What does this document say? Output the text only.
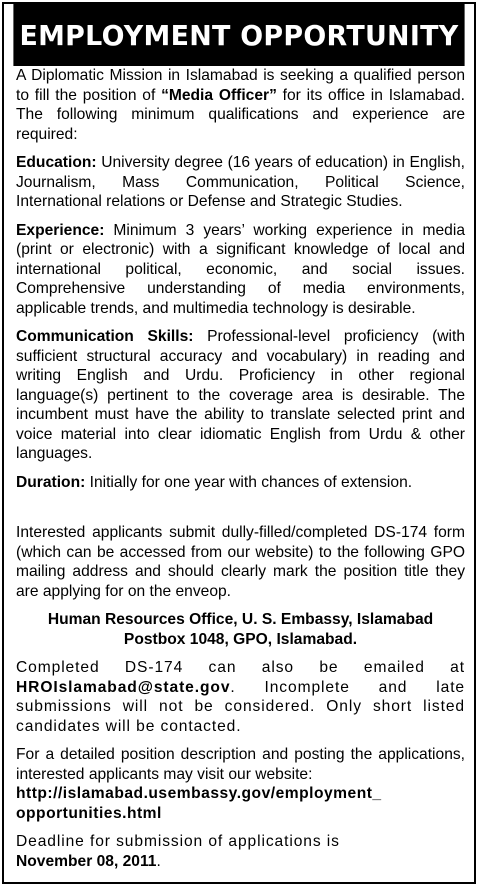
EMPLOYMENT OPPORTUNITY

A Diplomatic Mission in Islamabad is seeking a qualified person to fill the position of “Media Officer” for its office in Islamabad. The following minimum qualifications and experience are required:

Education: University degree (16 years of education) in English, Journalism, Mass Communication, Political Science, International relations or Defense and Strategic Studies.

Experience: Minimum 3 years’ working experience in media (print or electronic) with a significant knowledge of local and international political, economic, and social issues. Comprehensive understanding of media environments, applicable trends, and multimedia technology is desirable.

Communication Skills: Professional-level proficiency (with sufficient structural accuracy and vocabulary) in reading and writing English and Urdu. Proficiency in other regional language(s) pertinent to the coverage area is desirable. The incumbent must have the ability to translate selected print and voice material into clear idiomatic English from Urdu & other languages.

Duration: Initially for one year with chances of extension.

Interested applicants submit dully-filled/completed DS-174 form (which can be accessed from our website) to the following GPO mailing address and should clearly mark the position title they are applying for on the enveop.

Human Resources Office, U. S. Embassy, Islamabad

Postbox 1048, GPO, Islamabad.

Completed DS-174 can also be emailed at HROIslamabad@state.gov. Incomplete and late submissions will not be considered. Only short listed candidates will be contacted.

For a detailed position description and posting the applications, interested applicants may visit our website:

http://islamabad.usembassy.gov/employment_

opportunities.html

Deadline for submission of applications is

November 08, 2011.
